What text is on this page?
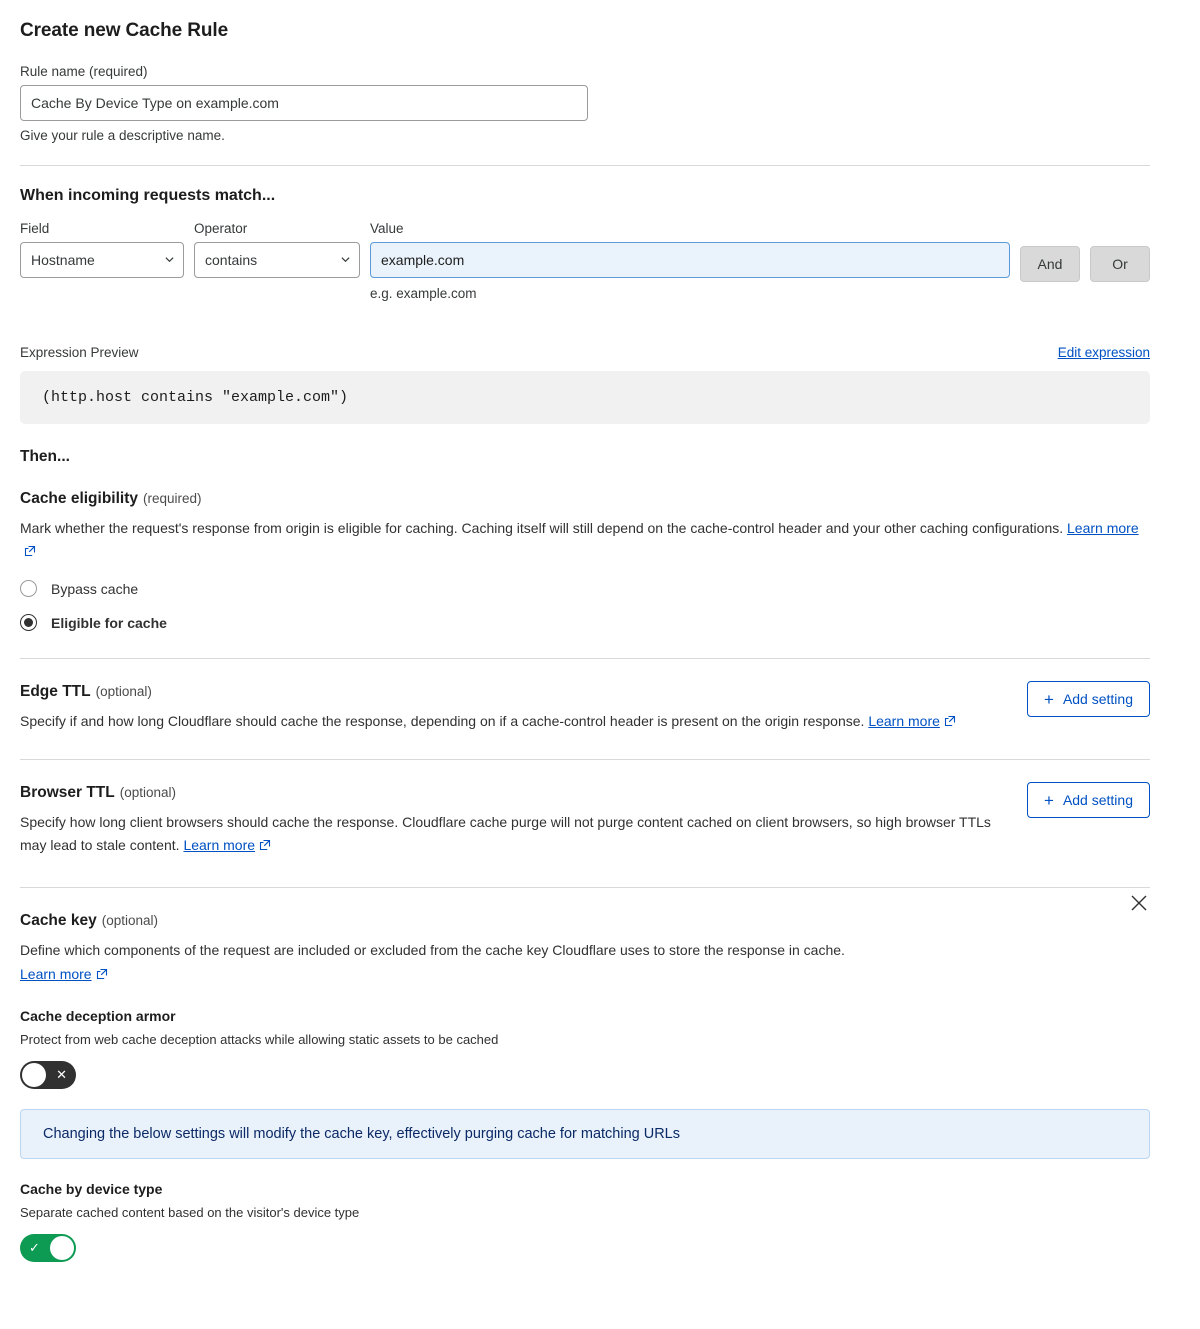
Create new Cache Rule
Rule name (required)
Cache By Device Type on example.com
Give your rule a descriptive name.
When incoming requests match...
Field
Hostname
Operator
contains
Value
example.com
e.g. example.com
And	Or
Expression Preview	Edit expression
(http.host contains "example.com")
Then...
Cache eligibility (required)
Mark whether the request's response from origin is eligible for caching. Caching itself will still depend on the cache-control header and your other caching configurations. Learn more
Bypass cache
Eligible for cache
Edge TTL (optional)
Specify if and how long Cloudflare should cache the response, depending on if a cache-control header is present on the origin response. Learn more
+ Add setting
Browser TTL (optional)
Specify how long client browsers should cache the response. Cloudflare cache purge will not purge content cached on client browsers, so high browser TTLs may lead to stale content. Learn more
+ Add setting
Cache key (optional)
Define which components of the request are included or excluded from the cache key Cloudflare uses to store the response in cache.
Learn more
Cache deception armor
Protect from web cache deception attacks while allowing static assets to be cached
✕
Changing the below settings will modify the cache key, effectively purging cache for matching URLs
Cache by device type
Separate cached content based on the visitor's device type
✓
